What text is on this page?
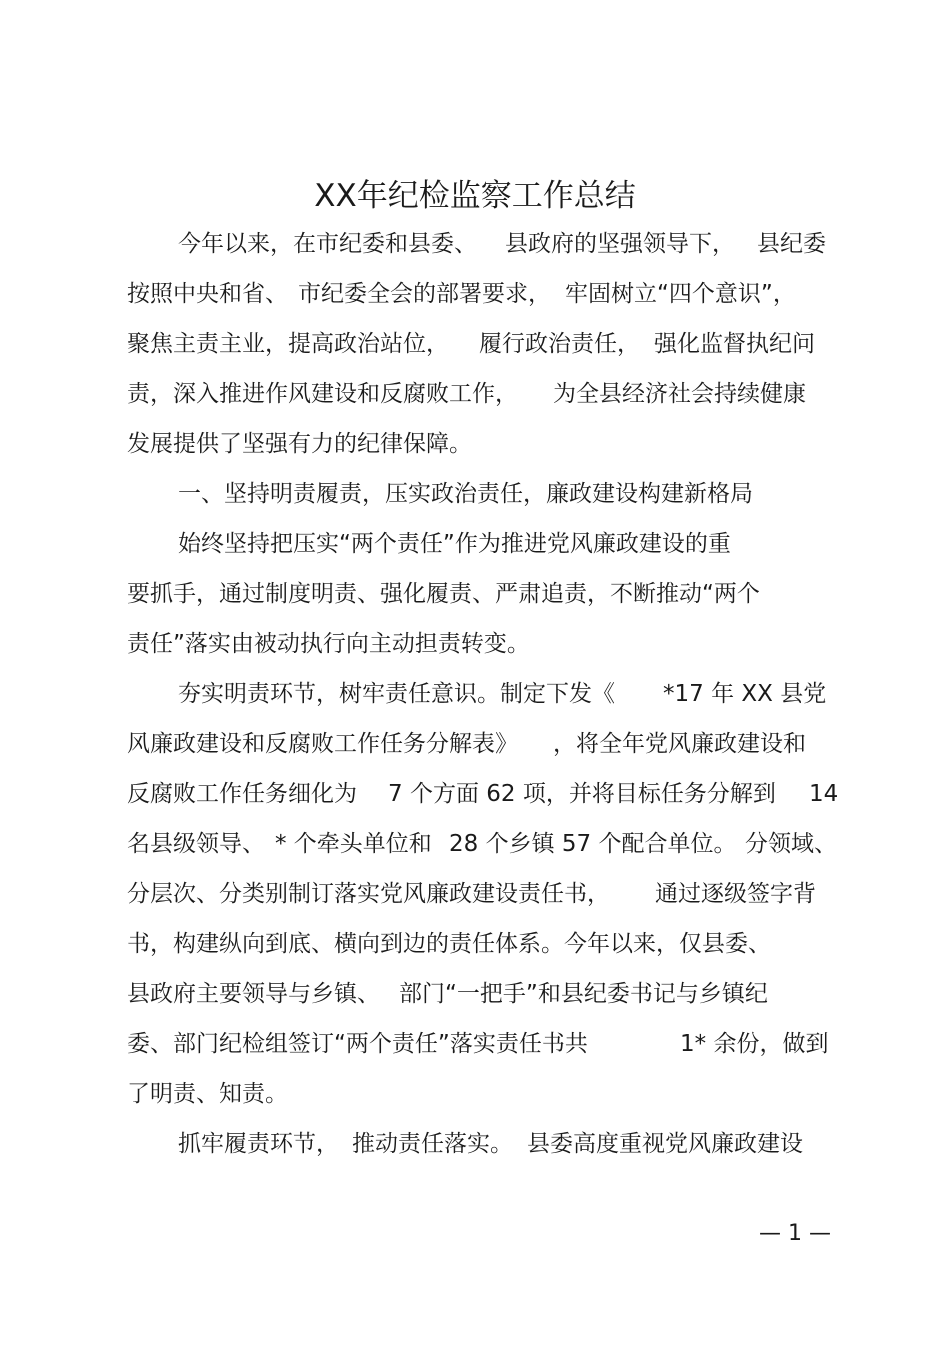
XX年纪检监察工作总结
今年以来，在市纪委和县委、 县政府的坚强领导下， 县纪委
按照中央和省、 市纪委全会的部署要求， 牢固树立“四个意识”，
聚焦主责主业，提高政治站位， 履行政治责任， 强化监督执纪问
责，深入推进作风建设和反腐败工作， 为全县经济社会持续健康
发展提供了坚强有力的纪律保障。
一、坚持明责履责，压实政治责任，廉政建设构建新格局
始终坚持把压实“两个责任”作为推进党风廉政建设的重
要抓手，通过制度明责、强化履责、严肃追责，不断推动“两个
责任”落实由被动执行向主动担责转变。
夯实明责环节，树牢责任意识。制定下发《 *17 年 XX 县党
风廉政建设和反腐败工作任务分解表》 ，将全年党风廉政建设和
反腐败工作任务细化为 7 个方面 62 项，并将目标任务分解到 14
名县级领导、 * 个牵头单位和 28 个乡镇 57 个配合单位。 分领域、
分层次、分类别制订落实党风廉政建设责任书， 通过逐级签字背
书，构建纵向到底、横向到边的责任体系。今年以来，仅县委、
县政府主要领导与乡镇、 部门“一把手”和县纪委书记与乡镇纪
委、部门纪检组签订“两个责任”落实责任书共	1* 余份，做到
了明责、知责。
抓牢履责环节， 推动责任落实。 县委高度重视党风廉政建设
— 1 —
